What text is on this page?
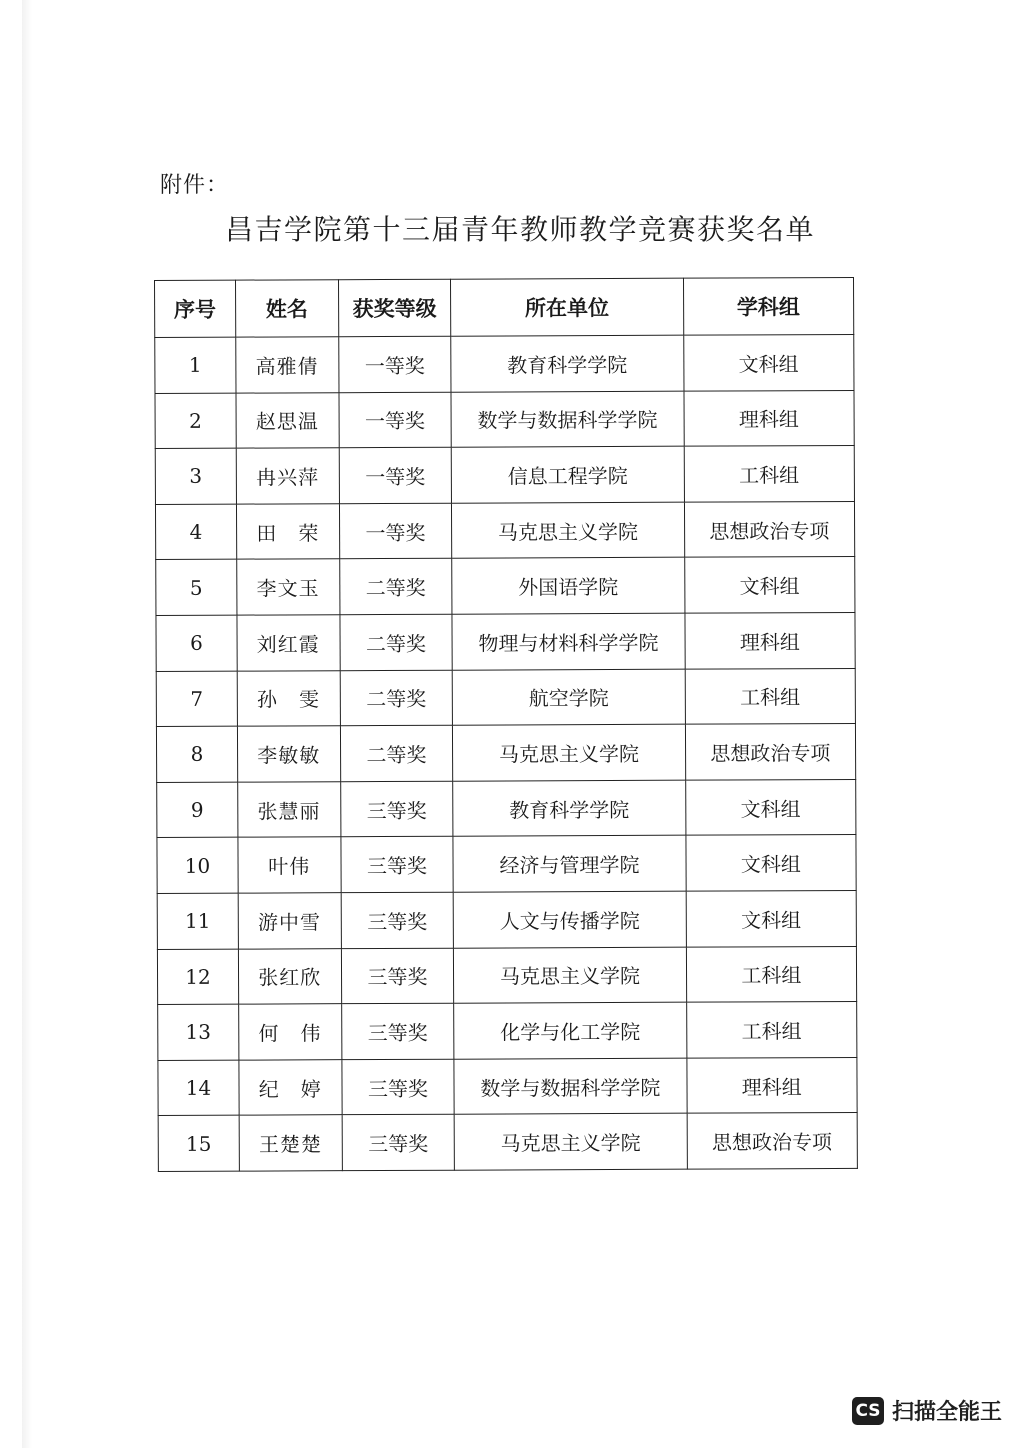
附件：
昌吉学院第十三届青年教师教学竞赛获奖名单
序号	姓名	获奖等级	所在单位	学科组
1	高雅倩	一等奖	教育科学学院	文科组
2	赵思温	一等奖	数学与数据科学学院	理科组
3	冉兴萍	一等奖	信息工程学院	工科组
4	田　荣	一等奖	马克思主义学院	思想政治专项
5	李文玉	二等奖	外国语学院	文科组
6	刘红霞	二等奖	物理与材料科学学院	理科组
7	孙　雯	二等奖	航空学院	工科组
8	李敏敏	二等奖	马克思主义学院	思想政治专项
9	张慧丽	三等奖	教育科学学院	文科组
10	叶伟	三等奖	经济与管理学院	文科组
11	游中雪	三等奖	人文与传播学院	文科组
12	张红欣	三等奖	马克思主义学院	工科组
13	何　伟	三等奖	化学与化工学院	工科组
14	纪　婷	三等奖	数学与数据科学学院	理科组
15	王楚楚	三等奖	马克思主义学院	思想政治专项
CS 扫描全能王
